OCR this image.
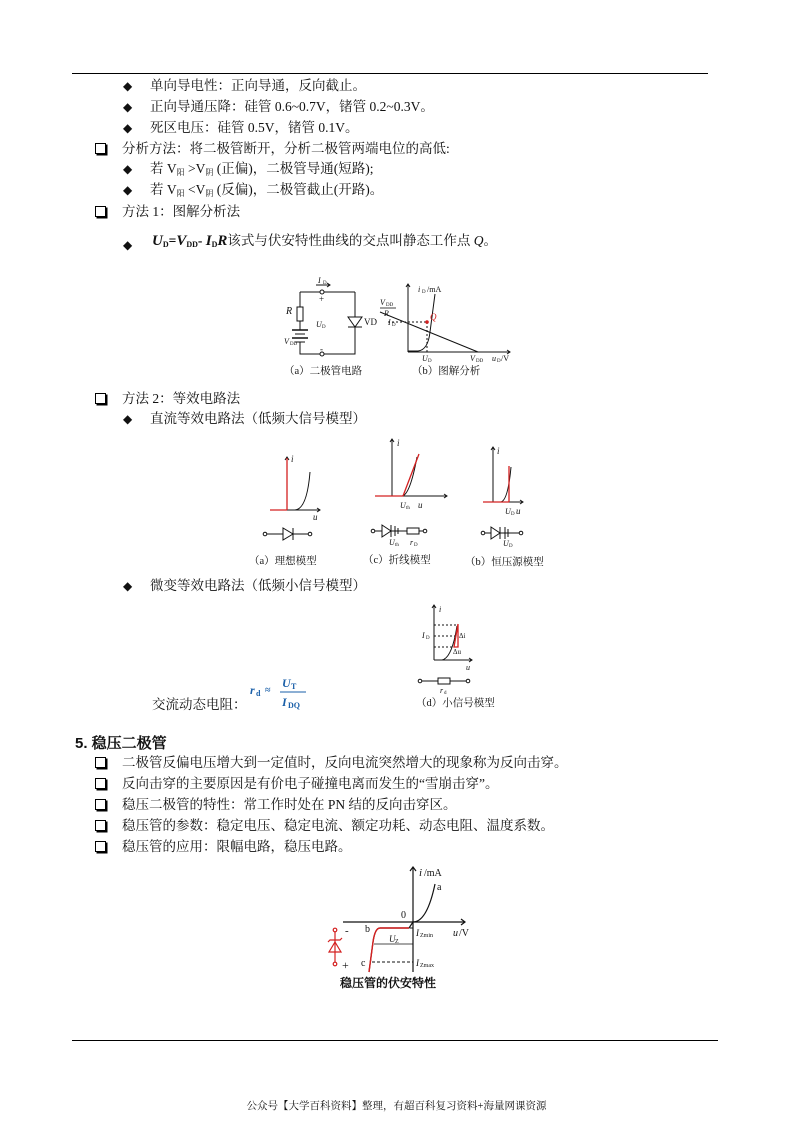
◆ 单向导电性：正向导通，反向截止。
◆ 正向导通压降：硅管 0.6~0.7V，锗管 0.2~0.3V。
◆ 死区电压：硅管 0.5V，锗管 0.1V。
分析方法：将二极管断开，分析二极管两端电位的高低:
◆ 若 $V_阳 >V_阴$ (正偏)，二极管导通(短路);
◆ 若 $V_阳 <V_阴$ (反偏)，二极管截止(开路)。
方法 1：图解分析法
◆ $U_D=V_{DD}-$ $I_DR$该式与伏安特性曲线的交点叫静态工作点 Q。
R
I D
+
-
U D
VD
V DD
i D /mA
V DD
R
I D
Q
U D	V DD u D /V
（a）二极管电路	（b）图解分析
方法 2：等效电路法
◆ 直流等效电路法（低频大信号模型）
i
u
i
U th u
U th r D
i
U D u
U D
（a）理想模型	（c）折线模型	（b）恒压源模型
◆ 微变等效电路法（低频小信号模型）
i
u
I D	Δi
Δu
r d
（d）小信号模型
交流动态电阻：
r d ≈
U T
I DQ
5. 稳压二极管
二极管反偏电压增大到一定值时，反向电流突然增大的现象称为反向击穿。
反向击穿的主要原因是有价电子碰撞电离而发生的“雪崩击穿”。
稳压二极管的特性：常工作时处在 PN 结的反向击穿区。
稳压管的参数：稳定电压、稳定电流、额定功耗、动态电阻、温度系数。
稳压管的应用：限幅电路，稳压电路。
i /mA
a
0
b
c
-
+
I Zmin
I Zmax
U Z
u /V
稳压管的伏安特性
公众号【大学百科资料】整理，有超百科复习资料+海量网课资源
